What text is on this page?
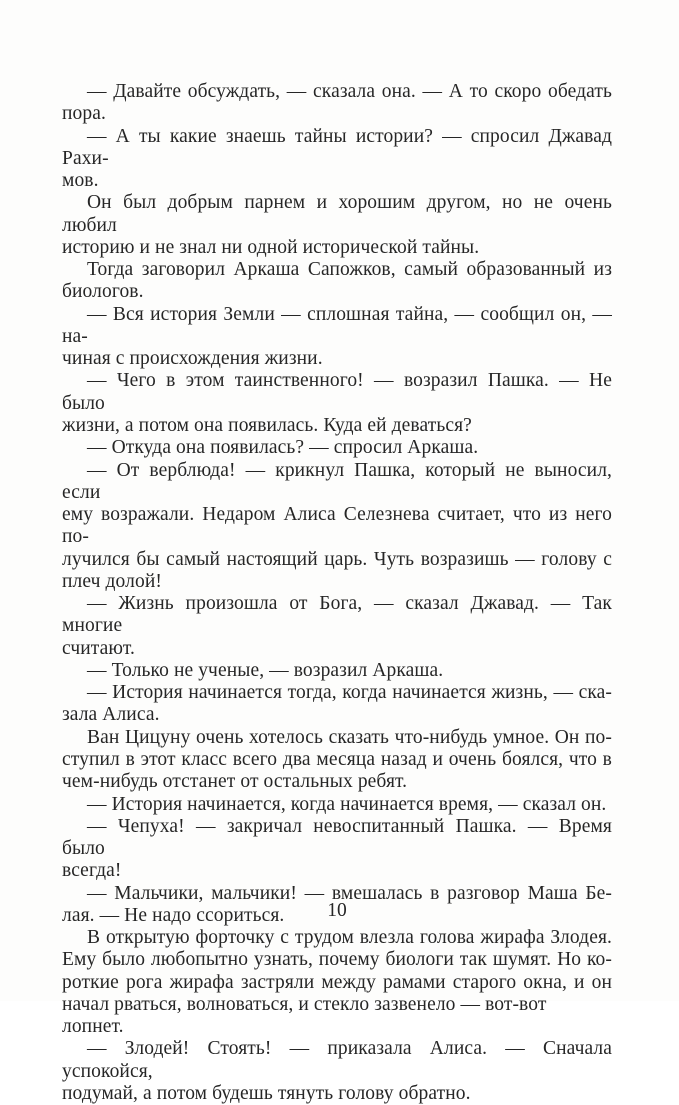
— Давайте обсуждать, — сказала она. — А то скоро обедать
пора.
— А ты какие знаешь тайны истории? — спросил Джавад Рахи-
мов.
Он был добрым парнем и хорошим другом, но не очень любил
историю и не знал ни одной исторической тайны.
Тогда заговорил Аркаша Сапожков, самый образованный из
биологов.
— Вся история Земли — сплошная тайна, — сообщил он, — на-
чиная с происхождения жизни.
— Чего в этом таинственного! — возразил Пашка. — Не было
жизни, а потом она появилась. Куда ей деваться?
— Откуда она появилась? — спросил Аркаша.
— От верблюда! — крикнул Пашка, который не выносил, если
ему возражали. Недаром Алиса Селезнева считает, что из него по-
лучился бы самый настоящий царь. Чуть возразишь — голову с
плеч долой!
— Жизнь произошла от Бога, — сказал Джавад. — Так многие
считают.
— Только не ученые, — возразил Аркаша.
— История начинается тогда, когда начинается жизнь, — ска-
зала Алиса.
Ван Цицуну очень хотелось сказать что-нибудь умное. Он по-
ступил в этот класс всего два месяца назад и очень боялся, что в
чем-нибудь отстанет от остальных ребят.
— История начинается, когда начинается время, — сказал он.
— Чепуха! — закричал невоспитанный Пашка. — Время было
всегда!
— Мальчики, мальчики! — вмешалась в разговор Маша Бе-
лая. — Не надо ссориться.
В открытую форточку с трудом влезла голова жирафа Злодея.
Ему было любопытно узнать, почему биологи так шумят. Но ко-
роткие рога жирафа застряли между рамами старого окна, и он
начал рваться, волноваться, и стекло зазвенело — вот-вот лопнет.
— Злодей! Стоять! — приказала Алиса. — Сначала успокойся,
подумай, а потом будешь тянуть голову обратно.
10
